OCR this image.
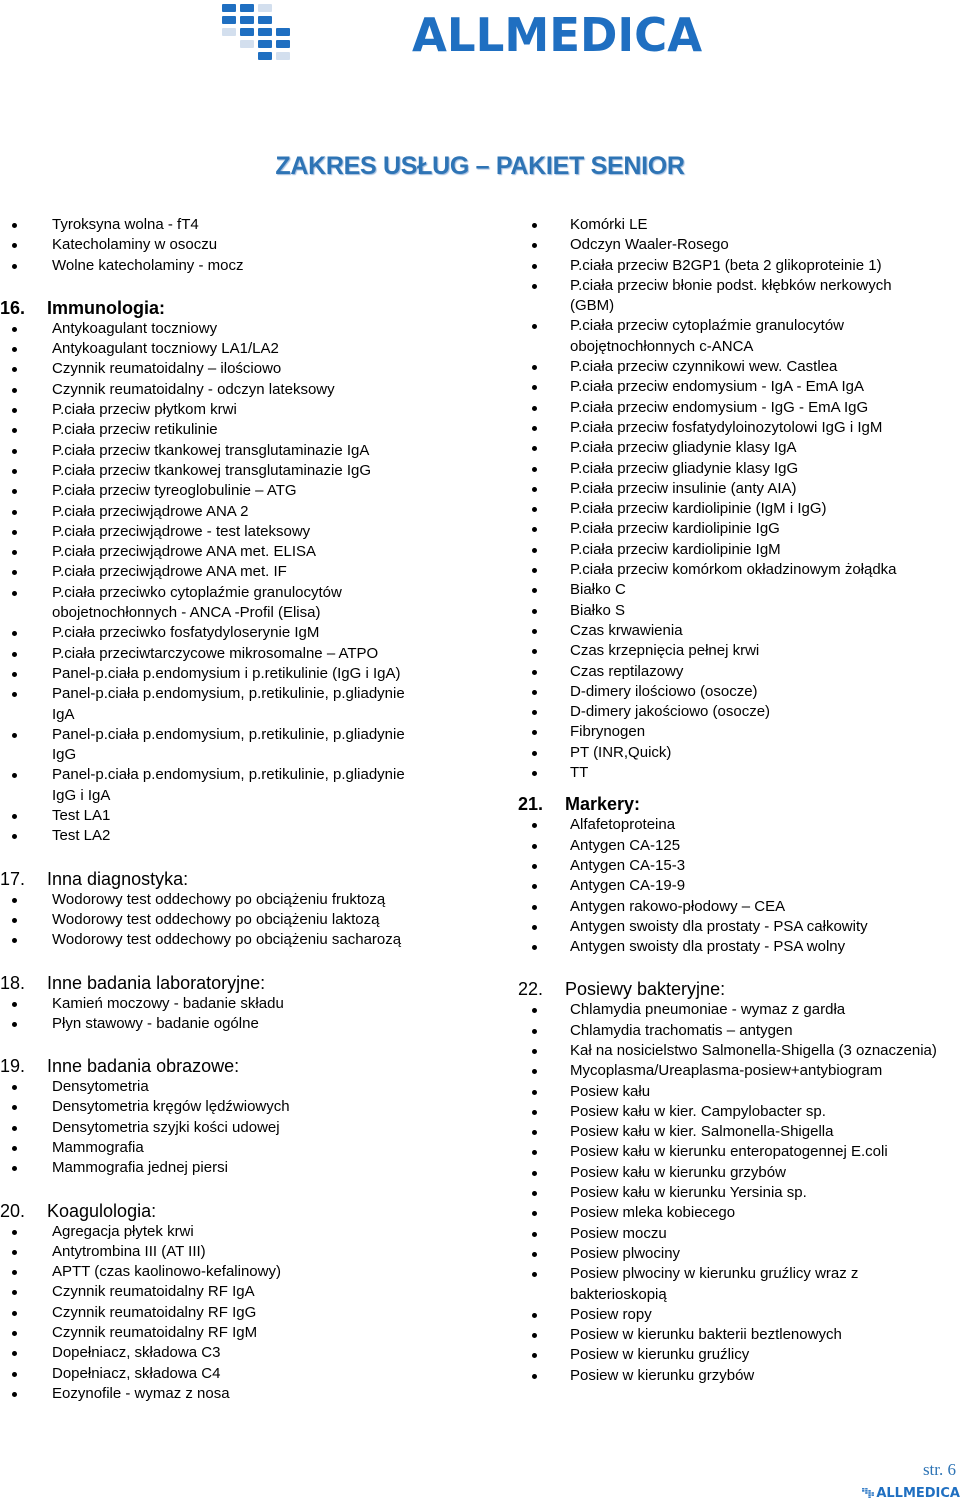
ALLMEDICA
ZAKRES USŁUG – PAKIET SENIOR
Tyroksyna wolna - fT4
Katecholaminy w osoczu
Wolne katecholaminy - mocz
16.	Immunologia:
Antykoagulant toczniowy
Antykoagulant toczniowy LA1/LA2
Czynnik reumatoidalny – ilościowo
Czynnik reumatoidalny - odczyn lateksowy
P.ciała przeciw płytkom krwi
P.ciała przeciw retikulinie
P.ciała przeciw tkankowej transglutaminazie IgA
P.ciała przeciw tkankowej transglutaminazie IgG
P.ciała przeciw tyreoglobulinie – ATG
P.ciała przeciwjądrowe ANA 2
P.ciała przeciwjądrowe - test lateksowy
P.ciała przeciwjądrowe ANA met. ELISA
P.ciała przeciwjądrowe ANA met. IF
P.ciała przeciwko cytoplaźmie granulocytów obojetnochłonnych - ANCA -Profil (Elisa)
P.ciała przeciwko fosfatydyloserynie IgM
P.ciała przeciwtarczycowe mikrosomalne – ATPO
Panel-p.ciała p.endomysium i p.retikulinie (IgG i IgA)
Panel-p.ciała p.endomysium, p.retikulinie, p.gliadynie IgA
Panel-p.ciała p.endomysium, p.retikulinie, p.gliadynie IgG
Panel-p.ciała p.endomysium, p.retikulinie, p.gliadynie IgG i IgA
Test LA1
Test LA2
17.	Inna diagnostyka:
Wodorowy test oddechowy po obciążeniu fruktozą
Wodorowy test oddechowy po obciążeniu laktozą
Wodorowy test oddechowy po obciążeniu sacharozą
18.	Inne badania laboratoryjne:
Kamień moczowy - badanie składu
Płyn stawowy - badanie ogólne
19.	Inne badania obrazowe:
Densytometria
Densytometria kręgów lędźwiowych
Densytometria szyjki kości udowej
Mammografia
Mammografia jednej piersi
20.	Koagulologia:
Agregacja płytek krwi
Antytrombina III (AT III)
APTT (czas kaolinowo-kefalinowy)
Czynnik reumatoidalny RF IgA
Czynnik reumatoidalny RF IgG
Czynnik reumatoidalny RF IgM
Dopełniacz, składowa C3
Dopełniacz, składowa C4
Eozynofile - wymaz z nosa
Komórki LE
Odczyn Waaler-Rosego
P.ciała przeciw B2GP1 (beta 2 glikoproteinie 1)
P.ciała przeciw błonie podst. kłębków nerkowych (GBM)
P.ciała przeciw cytoplaźmie granulocytów obojętnochłonnych c-ANCA
P.ciała przeciw czynnikowi wew. Castlea
P.ciała przeciw endomysium - IgA - EmA IgA
P.ciała przeciw endomysium - IgG - EmA IgG
P.ciała przeciw fosfatydyloinozytolowi IgG i IgM
P.ciała przeciw gliadynie klasy IgA
P.ciała przeciw gliadynie klasy IgG
P.ciała przeciw insulinie (anty AIA)
P.ciała przeciw kardiolipinie (IgM i IgG)
P.ciała przeciw kardiolipinie IgG
P.ciała przeciw kardiolipinie IgM
P.ciała przeciw komórkom okładzinowym żołądka
Białko C
Białko S
Czas krwawienia
Czas krzepnięcia pełnej krwi
Czas reptilazowy
D-dimery ilościowo (osocze)
D-dimery jakościowo (osocze)
Fibrynogen
PT (INR,Quick)
TT
21.	Markery:
Alfafetoproteina
Antygen CA-125
Antygen CA-15-3
Antygen CA-19-9
Antygen rakowo-płodowy – CEA
Antygen swoisty dla prostaty - PSA całkowity
Antygen swoisty dla prostaty - PSA wolny
22.	Posiewy bakteryjne:
Chlamydia pneumoniae - wymaz z gardła
Chlamydia trachomatis – antygen
Kał na nosicielstwo Salmonella-Shigella (3 oznaczenia)
Mycoplasma/Ureaplasma-posiew+antybiogram
Posiew kału
Posiew kału w kier. Campylobacter sp.
Posiew kału w kier. Salmonella-Shigella
Posiew kału w kierunku enteropatogennej E.coli
Posiew kału w kierunku grzybów
Posiew kału w kierunku Yersinia sp.
Posiew mleka kobiecego
Posiew moczu
Posiew plwociny
Posiew plwociny w kierunku gruźlicy wraz z bakterioskopią
Posiew ropy
Posiew w kierunku bakterii beztlenowych
Posiew w kierunku gruźlicy
Posiew w kierunku grzybów
str. 6
ALLMEDICA
